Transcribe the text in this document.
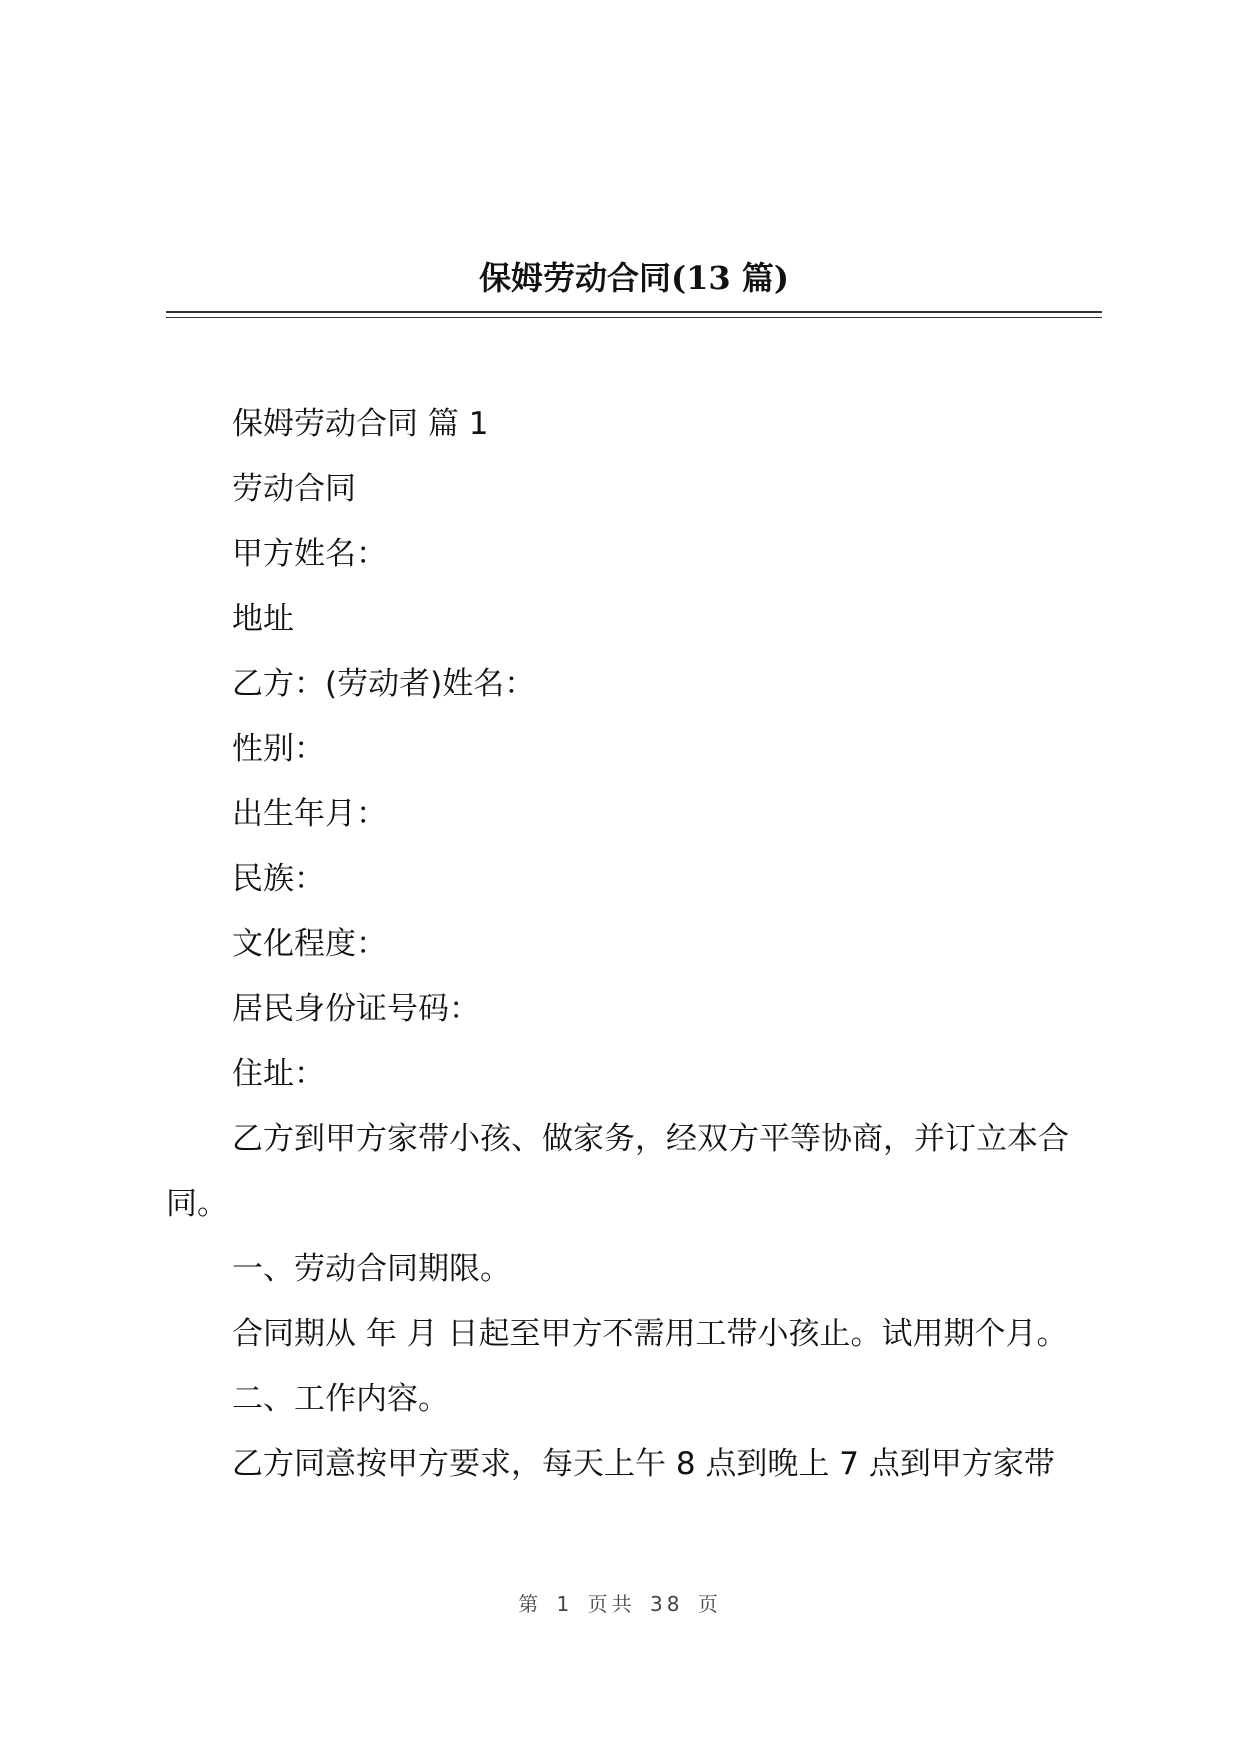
保姆劳动合同(13 篇)

保姆劳动合同 篇 1

劳动合同

甲方姓名：

地址

乙方：(劳动者)姓名：

性别：

出生年月：

民族：

文化程度：

居民身份证号码：

住址：

乙方到甲方家带小孩、做家务，经双方平等协商，并订立本合同。

一、劳动合同期限。

合同期从 年 月 日起至甲方不需用工带小孩止。试用期个月。

二、工作内容。

乙方同意按甲方要求，每天上午 8 点到晚上 7 点到甲方家带

第 1 页共 38 页
